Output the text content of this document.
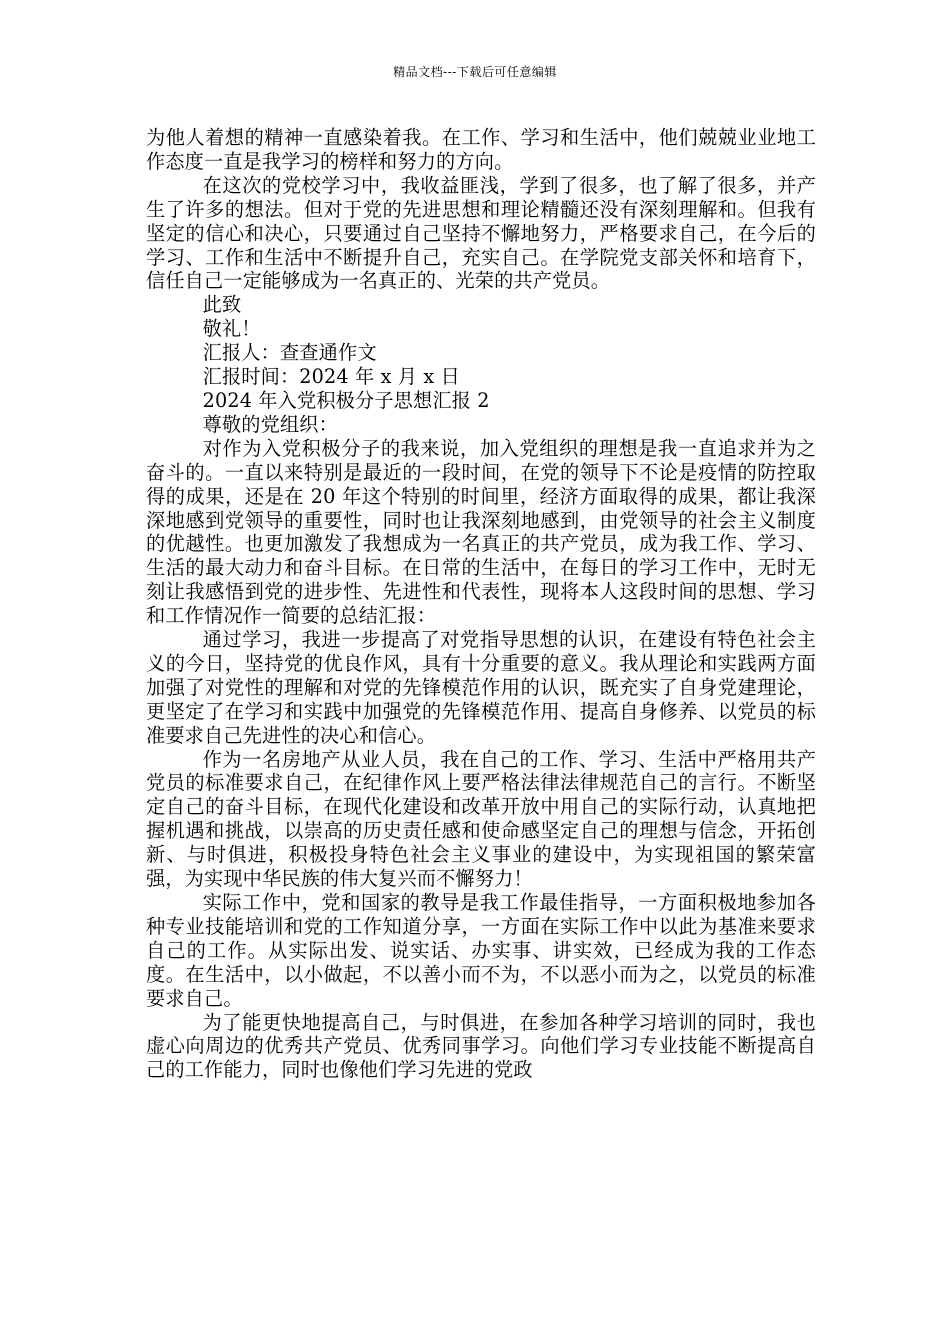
精品文档---下载后可任意编辑

为他人着想的精神一直感染着我。在工作、学习和生活中，他们兢兢业业地工作态度一直是我学习的榜样和努力的方向。

在这次的党校学习中，我收益匪浅，学到了很多，也了解了很多，并产生了许多的想法。但对于党的先进思想和理论精髓还没有深刻理解和。但我有坚定的信心和决心，只要通过自己坚持不懈地努力，严格要求自己，在今后的学习、工作和生活中不断提升自己，充实自己。在学院党支部关怀和培育下，信任自己一定能够成为一名真正的、光荣的共产党员。

此致

敬礼！

汇报人：查查通作文

汇报时间：2024 年 x 月 x 日

2024 年入党积极分子思想汇报 2

尊敬的党组织：

对作为入党积极分子的我来说，加入党组织的理想是我一直追求并为之奋斗的。一直以来特别是最近的一段时间，在党的领导下不论是疫情的防控取得的成果，还是在 20 年这个特别的时间里，经济方面取得的成果，都让我深深地感到党领导的重要性，同时也让我深刻地感到，由党领导的社会主义制度的优越性。也更加激发了我想成为一名真正的共产党员，成为我工作、学习、生活的最大动力和奋斗目标。在日常的生活中，在每日的学习工作中，无时无刻让我感悟到党的进步性、先进性和代表性，现将本人这段时间的思想、学习和工作情况作一简要的总结汇报：

通过学习，我进一步提高了对党指导思想的认识，在建设有特色社会主义的今日，坚持党的优良作风，具有十分重要的意义。我从理论和实践两方面加强了对党性的理解和对党的先锋模范作用的认识，既充实了自身党建理论，更坚定了在学习和实践中加强党的先锋模范作用、提高自身修养、以党员的标准要求自己先进性的决心和信心。

作为一名房地产从业人员，我在自己的工作、学习、生活中严格用共产党员的标准要求自己，在纪律作风上要严格法律法律规范自己的言行。不断坚定自己的奋斗目标，在现代化建设和改革开放中用自己的实际行动，认真地把握机遇和挑战，以崇高的历史责任感和使命感坚定自己的理想与信念，开拓创新、与时俱进，积极投身特色社会主义事业的建设中，为实现祖国的繁荣富强，为实现中华民族的伟大复兴而不懈努力！

实际工作中，党和国家的教导是我工作最佳指导，一方面积极地参加各种专业技能培训和党的工作知道分享，一方面在实际工作中以此为基准来要求自己的工作。从实际出发、说实话、办实事、讲实效，已经成为我的工作态度。在生活中，以小做起，不以善小而不为，不以恶小而为之，以党员的标准要求自己。

为了能更快地提高自己，与时俱进，在参加各种学习培训的同时，我也虚心向周边的优秀共产党员、优秀同事学习。向他们学习专业技能不断提高自己的工作能力，同时也像他们学习先进的党政
